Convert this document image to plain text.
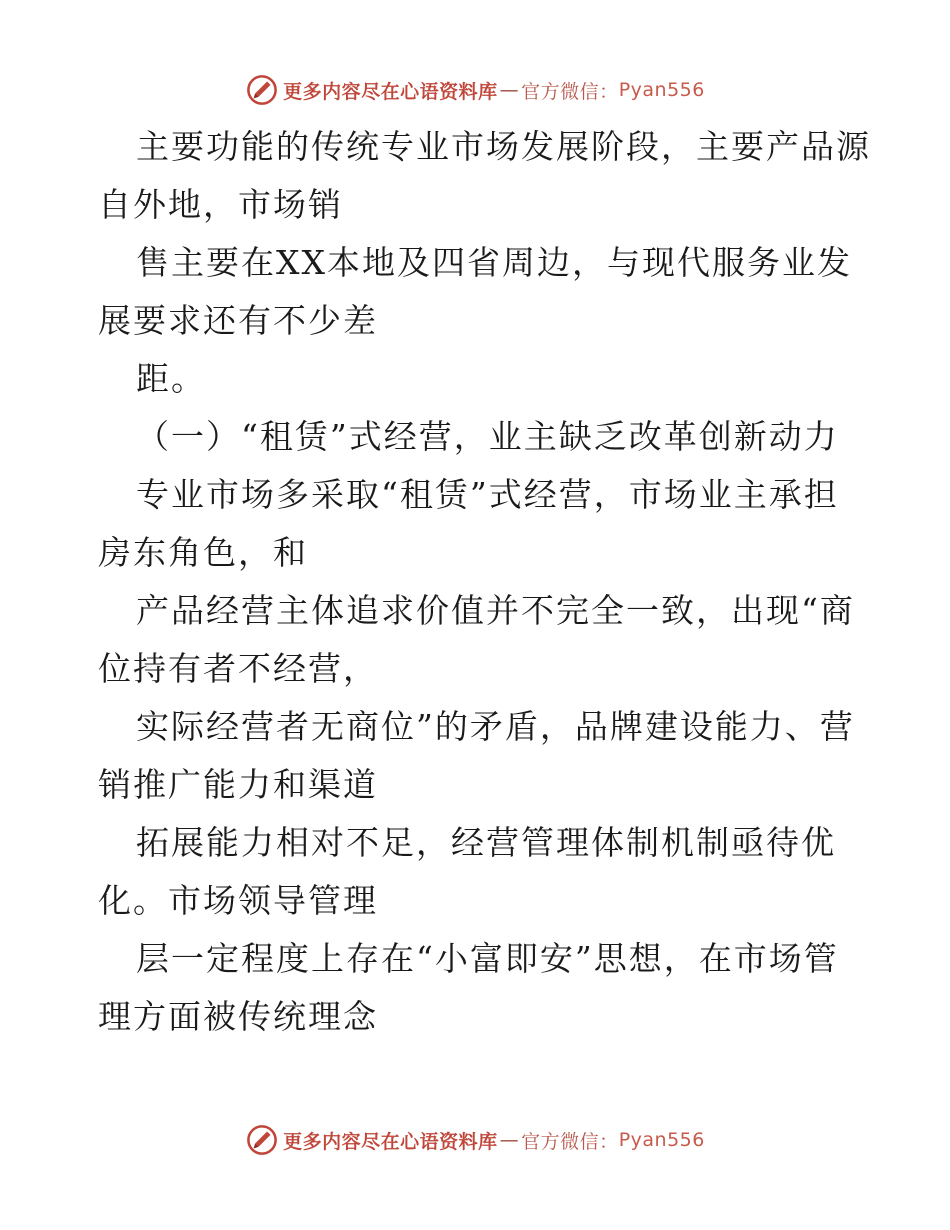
更多内容尽在心语资料库 — 官方微信： Pyan556

主要功能的传统专业市场发展阶段，主要产品源

自外地，市场销

售主要在XX本地及四省周边，与现代服务业发

展要求还有不少差

距。

（一）“租赁”式经营，业主缺乏改革创新动力

专业市场多采取“租赁”式经营，市场业主承担

房东角色，和

产品经营主体追求价值并不完全一致，出现“商

位持有者不经营，

实际经营者无商位”的矛盾，品牌建设能力、营

销推广能力和渠道

拓展能力相对不足，经营管理体制机制亟待优

化。市场领导管理

层一定程度上存在“小富即安”思想，在市场管

理方面被传统理念

更多内容尽在心语资料库 — 官方微信： Pyan556
